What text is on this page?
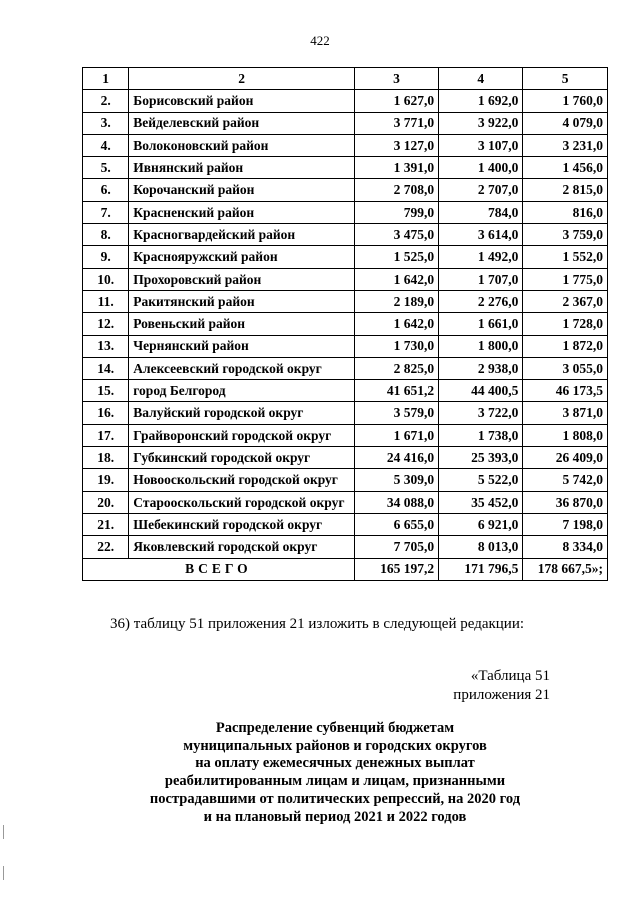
422
1	2	3	4	5
2.	Борисовский район	1 627,0	1 692,0	1 760,0
3.	Вейделевский район	3 771,0	3 922,0	4 079,0
4.	Волоконовский район	3 127,0	3 107,0	3 231,0
5.	Ивнянский район	1 391,0	1 400,0	1 456,0
6.	Корочанский район	2 708,0	2 707,0	2 815,0
7.	Красненский район	799,0	784,0	816,0
8.	Красногвардейский район	3 475,0	3 614,0	3 759,0
9.	Краснояружский район	1 525,0	1 492,0	1 552,0
10.	Прохоровский район	1 642,0	1 707,0	1 775,0
11.	Ракитянский район	2 189,0	2 276,0	2 367,0
12.	Ровеньский район	1 642,0	1 661,0	1 728,0
13.	Чернянский район	1 730,0	1 800,0	1 872,0
14.	Алексеевский городской округ	2 825,0	2 938,0	3 055,0
15.	город Белгород	41 651,2	44 400,5	46 173,5
16.	Валуйский городской округ	3 579,0	3 722,0	3 871,0
17.	Грайворонский городской округ	1 671,0	1 738,0	1 808,0
18.	Губкинский городской округ	24 416,0	25 393,0	26 409,0
19.	Новооскольский городской округ	5 309,0	5 522,0	5 742,0
20.	Старооскольский городской округ	34 088,0	35 452,0	36 870,0
21.	Шебекинский городской округ	6 655,0	6 921,0	7 198,0
22.	Яковлевский городской округ	7 705,0	8 013,0	8 334,0
ВСЕГО		165 197,2	171 796,5	178 667,5»;
36) таблицу 51 приложения 21 изложить в следующей редакции:
«Таблица 51
приложения 21
Распределение субвенций бюджетам
муниципальных районов и городских округов
на оплату ежемесячных денежных выплат
реабилитированным лицам и лицам, признанными
пострадавшими от политических репрессий, на 2020 год
и на плановый период 2021 и 2022 годов
